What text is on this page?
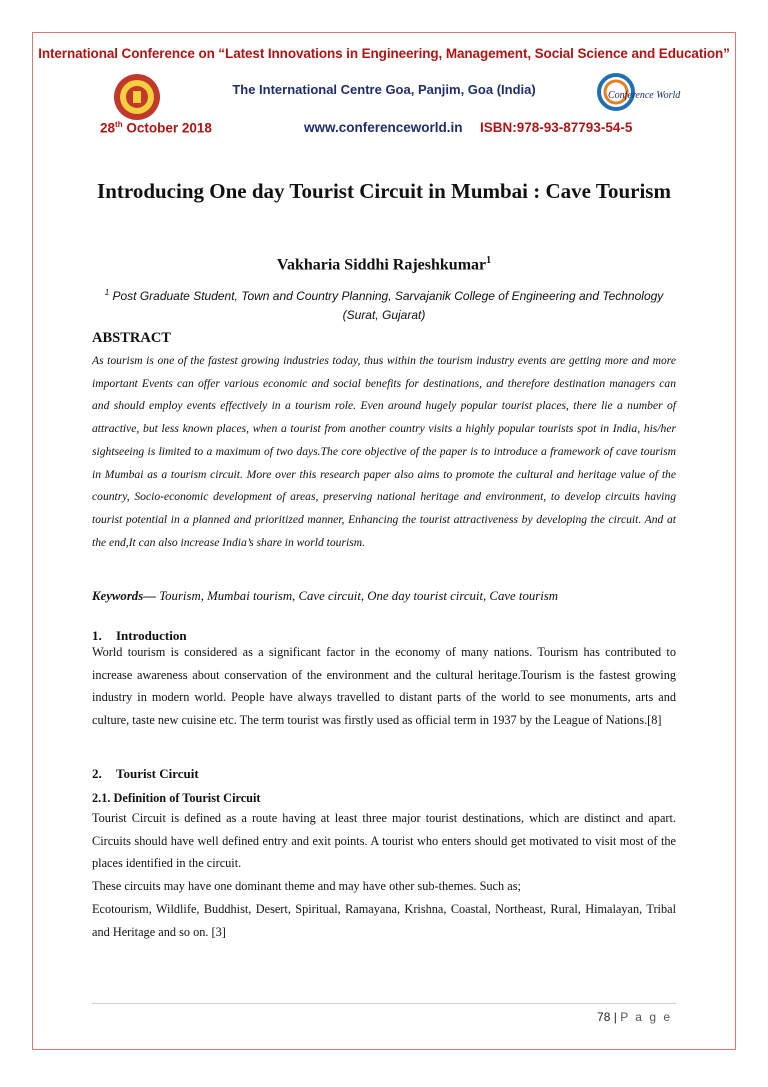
International Conference on “Latest Innovations in Engineering, Management, Social Science and Education”
The International Centre Goa, Panjim, Goa (India)	Conference World
28th October 2018	www.conferenceworld.in ISBN:978-93-87793-54-5
Introducing One day Tourist Circuit in Mumbai : Cave Tourism
Vakharia Siddhi Rajeshkumar$^1$
$^1$ Post Graduate Student, Town and Country Planning, Sarvajanik College of Engineering and Technology (Surat, Gujarat)
ABSTRACT
As tourism is one of the fastest growing industries today, thus within the tourism industry events are getting more and more important Events can offer various economic and social benefits for destinations, and therefore destination managers can and should employ events effectively in a tourism role. Even around hugely popular tourist places, there lie a number of attractive, but less known places, when a tourist from another country visits a highly popular tourists spot in India, his/her sightseeing is limited to a maximum of two days.The core objective of the paper is to introduce a framework of cave tourism in Mumbai as a tourism circuit. More over this research paper also aims to promote the cultural and heritage value of the country, Socio-economic development of areas, preserving national heritage and environment, to develop circuits having tourist potential in a planned and prioritized manner, Enhancing the tourist attractiveness by developing the circuit. And at the end,It can also increase India’s share in world tourism.
Keywords— Tourism, Mumbai tourism, Cave circuit, One day tourist circuit, Cave tourism
1. Introduction
World tourism is considered as a significant factor in the economy of many nations. Tourism has contributed to increase awareness about conservation of the environment and the cultural heritage.Tourism is the fastest growing industry in modern world. People have always travelled to distant parts of the world to see monuments, arts and culture, taste new cuisine etc. The term tourist was firstly used as official term in 1937 by the League of Nations.[8]
2. Tourist Circuit
2.1. Definition of Tourist Circuit
Tourist Circuit is defined as a route having at least three major tourist destinations, which are distinct and apart. Circuits should have well defined entry and exit points. A tourist who enters should get motivated to visit most of the places identified in the circuit.
These circuits may have one dominant theme and may have other sub-themes. Such as;
Ecotourism, Wildlife, Buddhist, Desert, Spiritual, Ramayana, Krishna, Coastal, Northeast, Rural, Himalayan, Tribal and Heritage and so on. [3]
78 | P a g e
